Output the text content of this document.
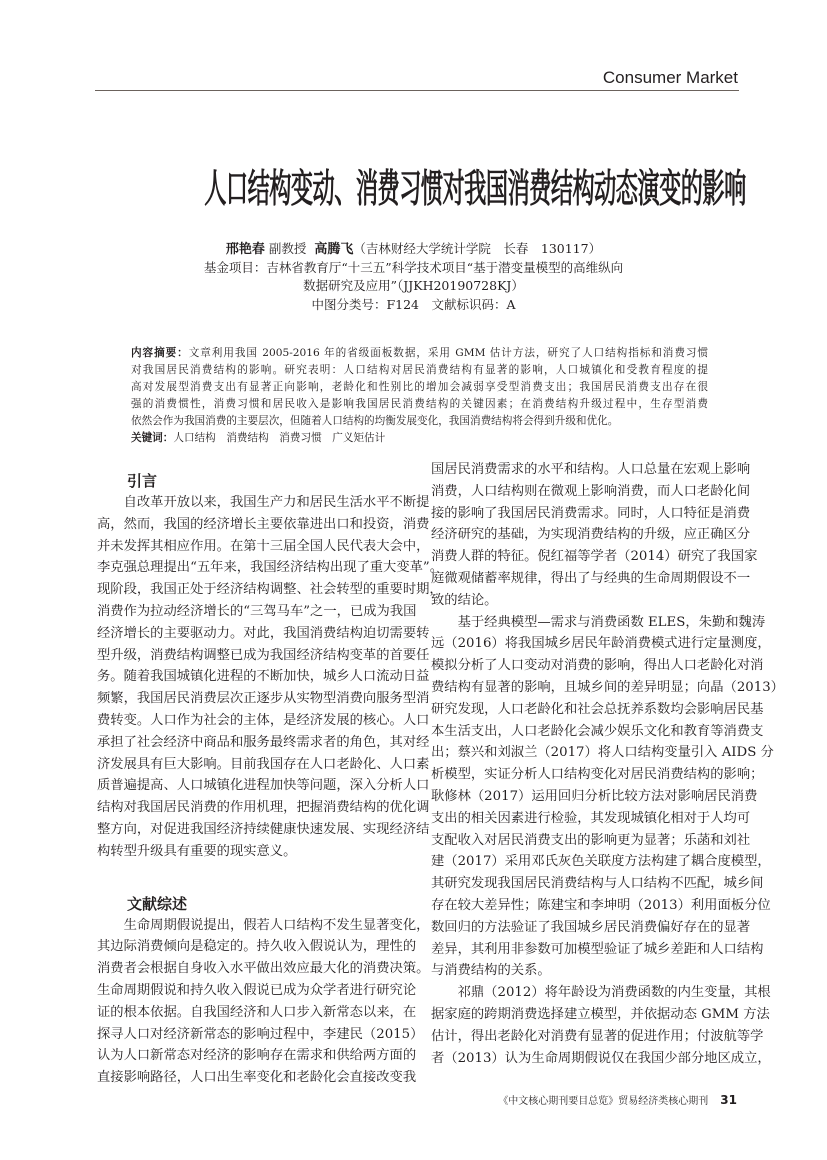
Consumer Market
人口结构变动、消费习惯对我国消费结构动态演变的影响
邢艳春 副教授 高腾飞（吉林财经大学统计学院　长春　130117）
基金项目：吉林省教育厅“十三五”科学技术项目“基于潜变量模型的高维纵向
数据研究及应用”（JJKH20190728KJ）
中图分类号：F124　文献标识码：A
内容摘要：文章利用我国 2005-2016 年的省级面板数据，采用 GMM 估计方法，研究了人口结构指标和消费习惯
对我国居民消费结构的影响。研究表明：人口结构对居民消费结构有显著的影响，人口城镇化和受教育程度的提
高对发展型消费支出有显著正向影响，老龄化和性别比的增加会减弱享受型消费支出；我国居民消费支出存在很
强的消费惯性，消费习惯和居民收入是影响我国居民消费结构的关键因素；在消费结构升级过程中，生存型消费
依然会作为我国消费的主要层次，但随着人口结构的均衡发展变化，我国消费结构将会得到升级和优化。
关键词：人口结构　消费结构　消费习惯　广义矩估计
引言
自改革开放以来，我国生产力和居民生活水平不断提
高，然而，我国的经济增长主要依靠进出口和投资，消费
并未发挥其相应作用。在第十三届全国人民代表大会中，
李克强总理提出“五年来，我国经济结构出现了重大变革”。
现阶段，我国正处于经济结构调整、社会转型的重要时期，
消费作为拉动经济增长的“三驾马车”之一，已成为我国
经济增长的主要驱动力。对此，我国消费结构迫切需要转
型升级，消费结构调整已成为我国经济结构变革的首要任
务。随着我国城镇化进程的不断加快，城乡人口流动日益
频繁，我国居民消费层次正逐步从实物型消费向服务型消
费转变。人口作为社会的主体，是经济发展的核心。人口
承担了社会经济中商品和服务最终需求者的角色，其对经
济发展具有巨大影响。目前我国存在人口老龄化、人口素
质普遍提高、人口城镇化进程加快等问题，深入分析人口
结构对我国居民消费的作用机理，把握消费结构的优化调
整方向，对促进我国经济持续健康快速发展、实现经济结
构转型升级具有重要的现实意义。
文献综述
生命周期假说提出，假若人口结构不发生显著变化，
其边际消费倾向是稳定的。持久收入假说认为，理性的
消费者会根据自身收入水平做出效应最大化的消费决策。
生命周期假说和持久收入假说已成为众学者进行研究论
证的根本依据。自我国经济和人口步入新常态以来，在
探寻人口对经济新常态的影响过程中，李建民（2015）
认为人口新常态对经济的影响存在需求和供给两方面的
直接影响路径，人口出生率变化和老龄化会直接改变我
国居民消费需求的水平和结构。人口总量在宏观上影响
消费，人口结构则在微观上影响消费，而人口老龄化间
接的影响了我国居民消费需求。同时，人口特征是消费
经济研究的基础，为实现消费结构的升级，应正确区分
消费人群的特征。倪红福等学者（2014）研究了我国家
庭微观储蓄率规律，得出了与经典的生命周期假设不一
致的结论。
基于经典模型—需求与消费函数 ELES，朱勤和魏涛
远（2016）将我国城乡居民年龄消费模式进行定量测度，
模拟分析了人口变动对消费的影响，得出人口老龄化对消
费结构有显著的影响，且城乡间的差异明显；向晶（2013）
研究发现，人口老龄化和社会总抚养系数均会影响居民基
本生活支出，人口老龄化会减少娱乐文化和教育等消费支
出；蔡兴和刘淑兰（2017）将人口结构变量引入 AIDS 分
析模型，实证分析人口结构变化对居民消费结构的影响；
耿修林（2017）运用回归分析比较方法对影响居民消费
支出的相关因素进行检验，其发现城镇化相对于人均可
支配收入对居民消费支出的影响更为显著；乐菡和刘社
建（2017）采用邓氏灰色关联度方法构建了耦合度模型，
其研究发现我国居民消费结构与人口结构不匹配，城乡间
存在较大差异性；陈建宝和李坤明（2013）利用面板分位
数回归的方法验证了我国城乡居民消费偏好存在的显著
差异，其利用非参数可加模型验证了城乡差距和人口结构
与消费结构的关系。
祁鼎（2012）将年龄设为消费函数的内生变量，其根
据家庭的跨期消费选择建立模型，并依据动态 GMM 方法
估计，得出老龄化对消费有显著的促进作用；付波航等学
者（2013）认为生命周期假说仅在我国少部分地区成立，
《中文核心期刊要目总览》贸易经济类核心期刊 31
